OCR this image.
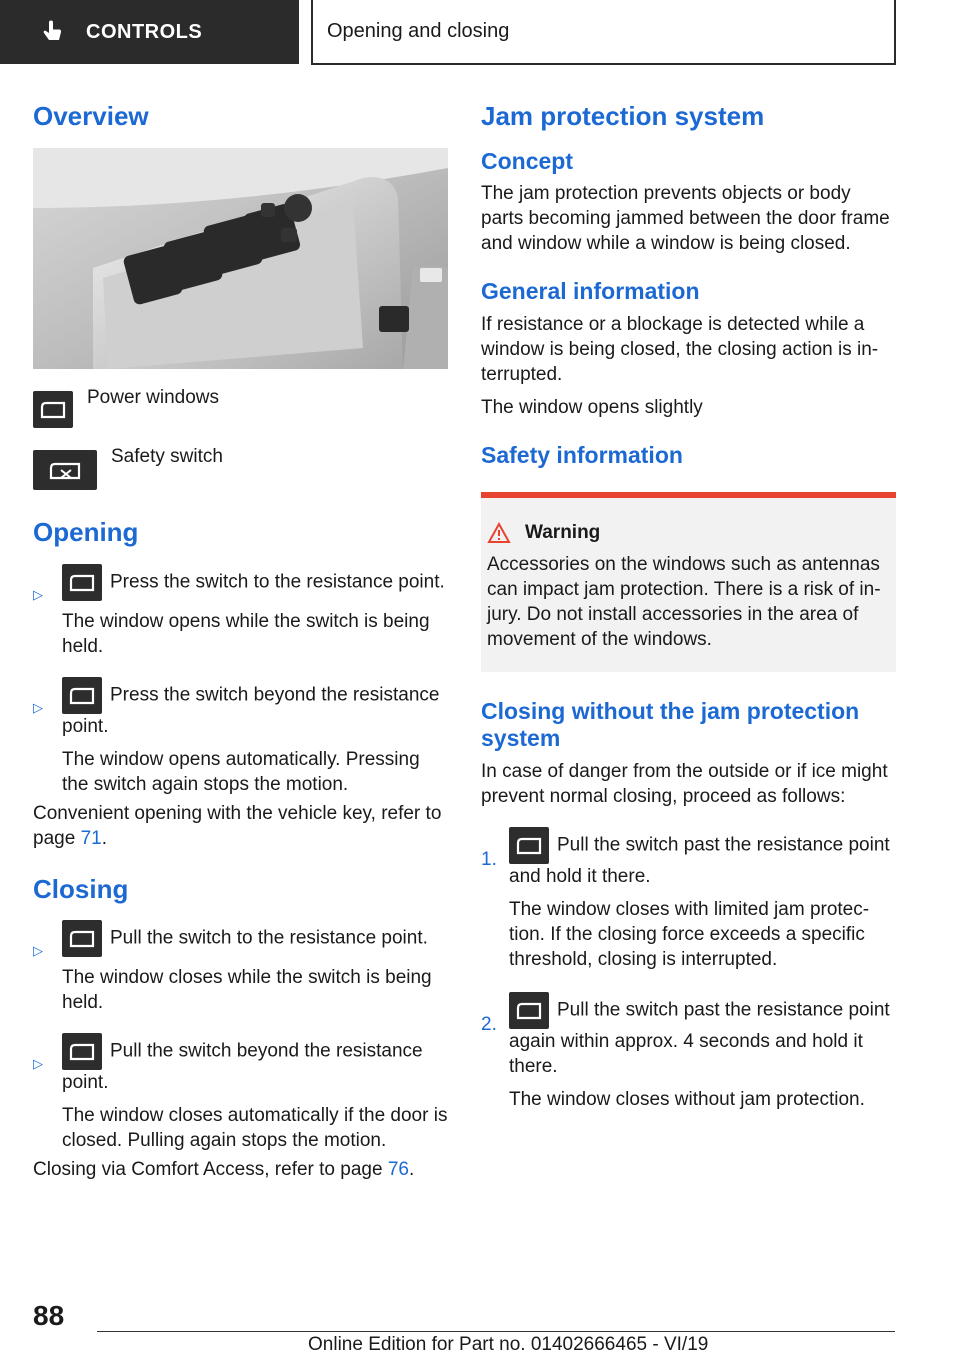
CONTROLS	Opening and closing
Overview
Power windows
Safety switch
Opening
▷
Press the switch to the resistance point.
The window opens while the switch is being held.
▷
Press the switch beyond the resistance point.
The window opens automatically. Pressing the switch again stops the motion.

Convenient opening with the vehicle key, refer to page 71.

Closing
▷
Pull the switch to the resistance point.
The window closes while the switch is being held.
▷
Pull the switch beyond the resistance point.
The window closes automatically if the door is closed. Pulling again stops the motion.

Closing via Comfort Access, refer to page 76.

Jam protection system
Concept

The jam protection prevents objects or body parts becoming jammed between the door frame and window while a window is being closed.

General information

If resistance or a blockage is detected while a window is being closed, the closing action is interrupted.

The window opens slightly

Safety information
Warning

Accessories on the windows such as antennas can impact jam protection. There is a risk of injury. Do not install accessories in the area of movement of the windows.

Closing without the jam protection system

In case of danger from the outside or if ice might prevent normal closing, proceed as follows:

1.
Pull the switch past the resistance point and hold it there.
The window closes with limited jam protection. If the closing force exceeds a specific threshold, closing is interrupted.
2.
Pull the switch past the resistance point again within approx. 4 seconds and hold it there.
The window closes without jam protection.
88
Online Edition for Part no. 01402666465 - VI/19
